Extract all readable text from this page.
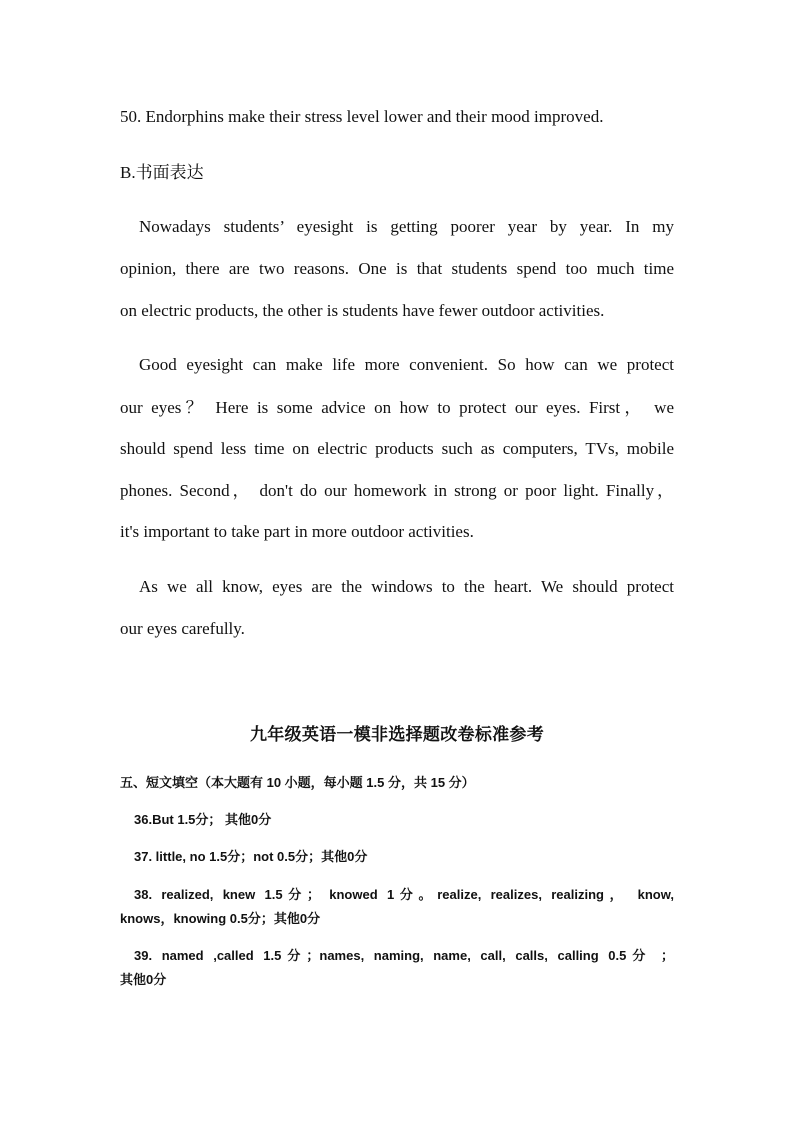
50. Endorphins make their stress level lower and their mood improved.
B.书面表达
Nowadays students’ eyesight is getting poorer year by year. In my
opinion, there are two reasons. One is that students spend too much time
on electric products, the other is students have fewer outdoor activities.
Good eyesight can make life more convenient. So how can we protect
our eyes？ Here is some advice on how to protect our eyes. First， we
should spend less time on electric products such as computers, TVs, mobile
phones. Second， don't do our homework in strong or poor light. Finally，
it's important to take part in more outdoor activities.
As we all know, eyes are the windows to the heart. We should protect
our eyes carefully.
九年级英语一模非选择题改卷标准参考
五、短文填空（本大题有 10 小题，每小题 1.5 分，共 15 分）
36.But 1.5分； 其他0分
37. little, no 1.5分；not 0.5分；其他0分
38. realized, knew 1.5分； knowed 1分。realize, realizes, realizing， know,
knows，knowing 0.5分；其他0分
39. named ,called 1.5分；names, naming, name, call, calls, calling 0.5分 ；
其他0分
